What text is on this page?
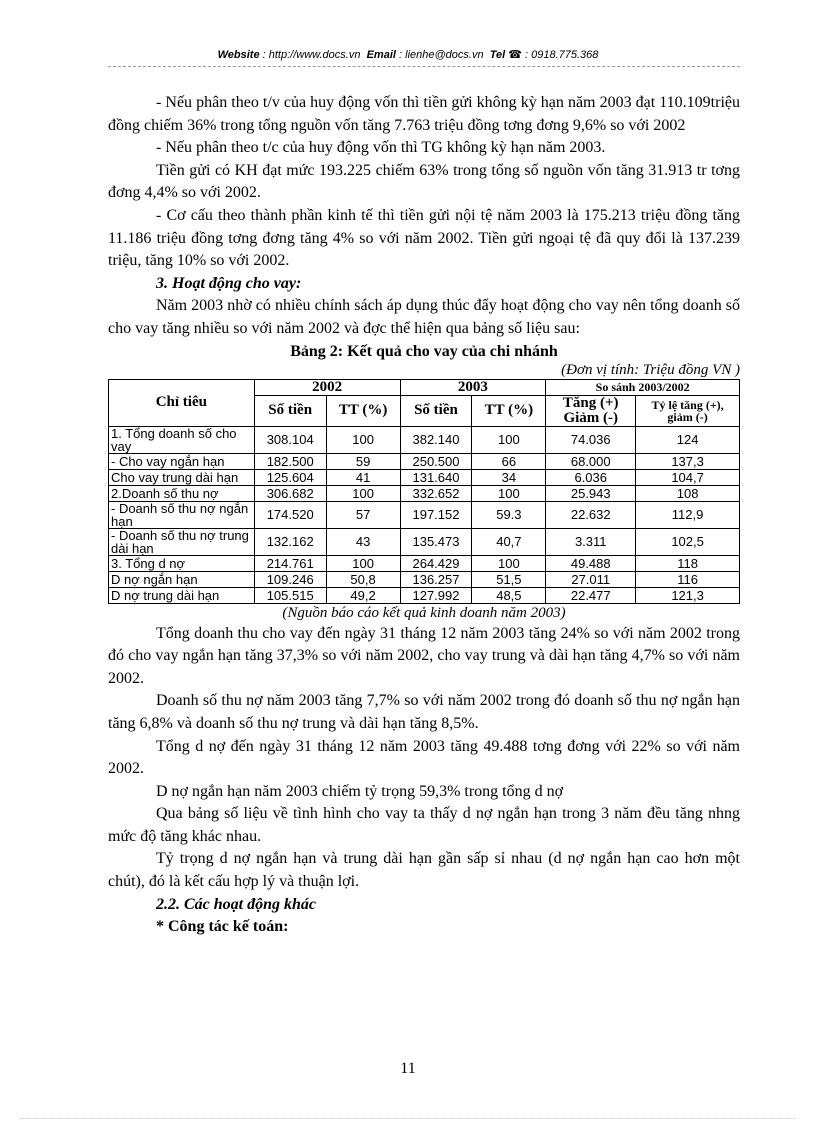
Website : http://www.docs.vn Email : lienhe@docs.vn Tel ☎ : 0918.775.368

- Nếu phân theo t/v của huy động vốn thì tiền gửi không kỳ hạn năm 2003 đạt 110.109triệu đồng chiếm 36% trong tổng nguồn vốn tăng 7.763 triệu đồng tơng đơng 9,6% so với 2002

- Nếu phân theo t/c của huy động vốn thì TG không kỳ hạn năm 2003.

Tiền gửi có KH đạt mức 193.225 chiếm 63% trong tổng số nguồn vốn tăng 31.913 tr tơng đơng 4,4% so với 2002.

- Cơ cấu theo thành phần kinh tế thì tiền gửi nội tệ năm 2003 là 175.213 triệu đồng tăng 11.186 triệu đồng tơng đơng tăng 4% so với năm 2002. Tiền gửi ngoại tệ đã quy đổi là 137.239 triệu, tăng 10% so với 2002.

3. Hoạt động cho vay:

Năm 2003 nhờ có nhiều chính sách áp dụng thúc đẩy hoạt động cho vay nên tổng doanh số cho vay tăng nhiều so với năm 2002 và đợc thể hiện qua bảng số liệu sau:

Bảng 2: Kết quả cho vay của chi nhánh

(Đơn vị tính: Triệu đồng VN )

Chỉ tiêu	2002		2003		So sánh 2003/2002	
	Số tiền	TT (%)	Số tiền	TT (%)	Tăng (+) Giảm (-)	Tỷ lệ tăng (+), giảm (-)
1. Tổng doanh số cho vay	308.104	100	382.140	100	74.036	124
- Cho vay ngắn hạn	182.500	59	250.500	66	68.000	137,3
Cho vay trung dài hạn	125.604	41	131.640	34	6.036	104,7
2.Doanh số thu nợ	306.682	100	332.652	100	25.943	108
- Doanh số thu nợ ngắn hạn	174.520	57	197.152	59.3	22.632	112,9
- Doanh số thu nợ trung dài hạn	132.162	43	135.473	40,7	3.311	102,5
3. Tổng d nợ	214.761	100	264.429	100	49.488	118
D nợ ngắn hạn	109.246	50,8	136.257	51,5	27.011	116
D nợ trung dài hạn	105.515	49,2	127.992	48,5	22.477	121,3

(Nguồn báo cáo kết quả kinh doanh năm 2003)

Tổng doanh thu cho vay đến ngày 31 tháng 12 năm 2003 tăng 24% so với năm 2002 trong đó cho vay ngắn hạn tăng 37,3% so với năm 2002, cho vay trung và dài hạn tăng 4,7% so với năm 2002.

Doanh số thu nợ năm 2003 tăng 7,7% so với năm 2002 trong đó doanh số thu nợ ngắn hạn tăng 6,8% và doanh số thu nợ trung và dài hạn tăng 8,5%.

Tổng d nợ đến ngày 31 tháng 12 năm 2003 tăng 49.488 tơng đơng với 22% so với năm 2002.

D nợ ngắn hạn năm 2003 chiếm tỷ trọng 59,3% trong tổng d nợ

Qua bảng số liệu về tình hình cho vay ta thấy d nợ ngắn hạn trong 3 năm đều tăng nhng mức độ tăng khác nhau.

Tỷ trọng d nợ ngắn hạn và trung dài hạn gần sấp sỉ nhau (d nợ ngắn hạn cao hơn một chút), đó là kết cấu hợp lý và thuận lợi.

2.2. Các hoạt động khác

* Công tác kế toán:

11
